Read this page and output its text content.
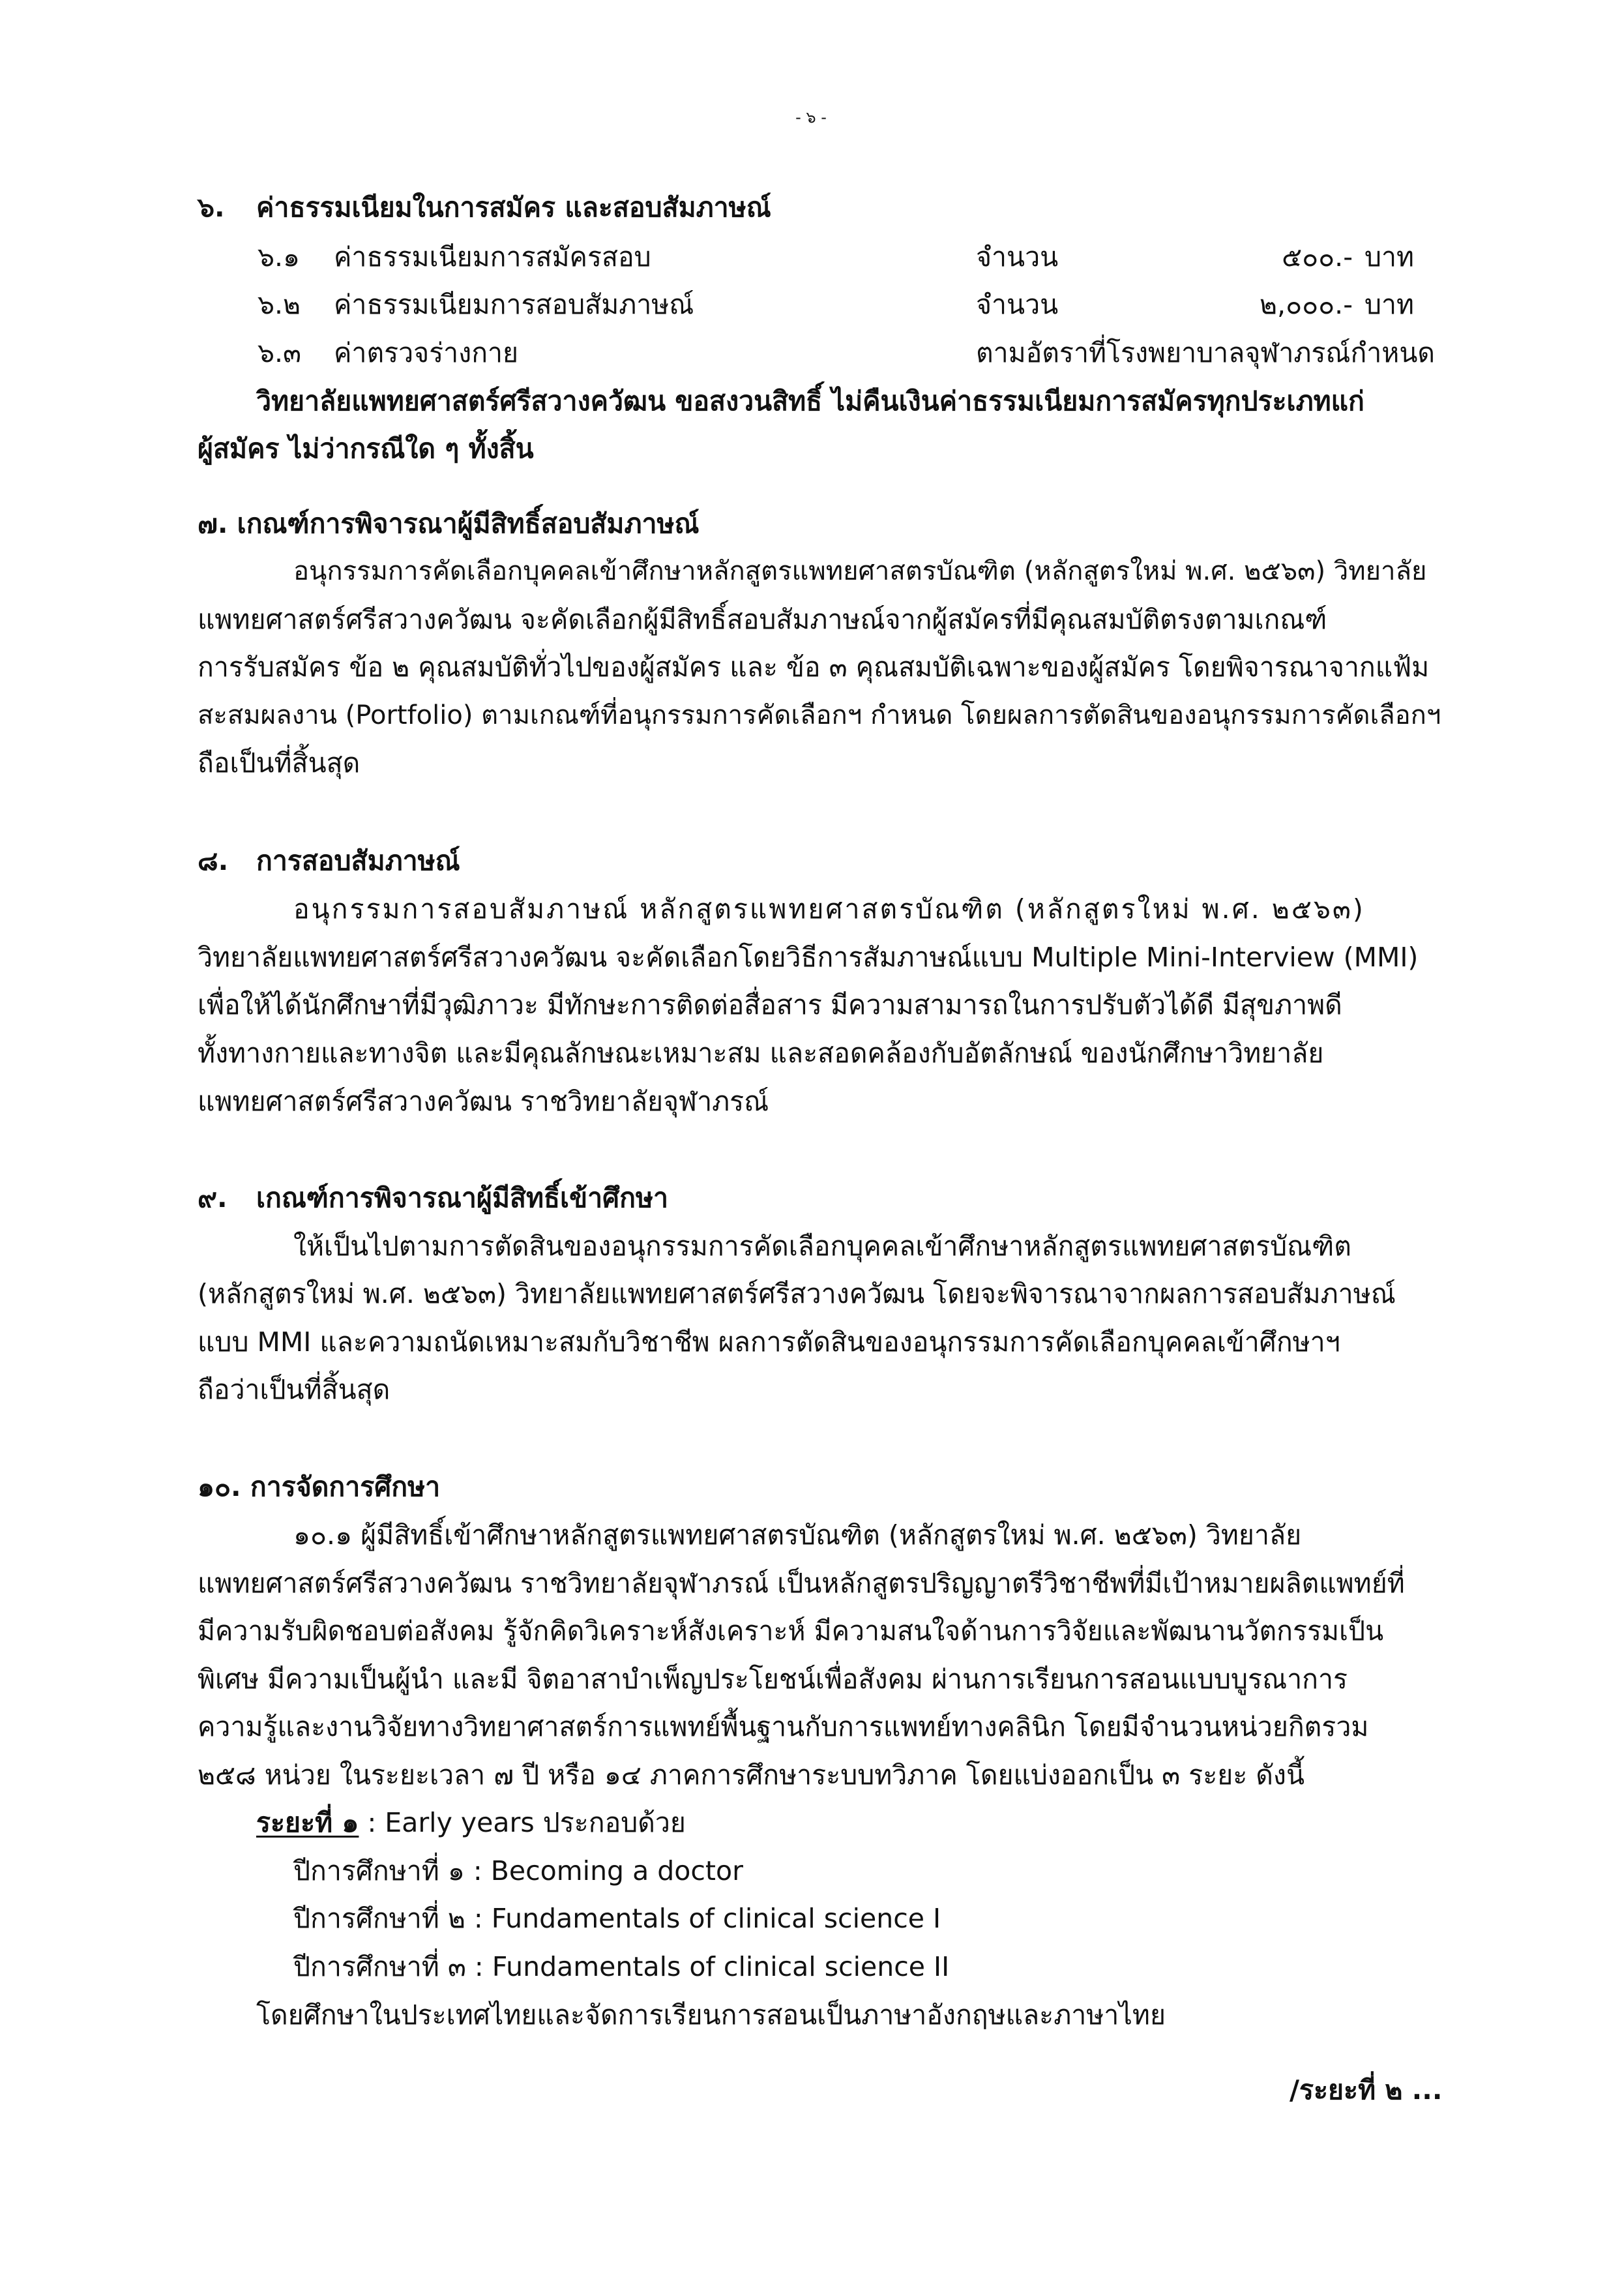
- ๖ -
๖. ค่าธรรมเนียมในการสมัคร และสอบสัมภาษณ์
๖.๑ ค่าธรรมเนียมการสมัครสอบ	จำนวน	๕๐๐.- บาท
๖.๒ ค่าธรรมเนียมการสอบสัมภาษณ์	จำนวน	๒,๐๐๐.- บาท
๖.๓ ค่าตรวจร่างกาย	ตามอัตราที่โรงพยาบาลจุฬาภรณ์กำหนด
วิทยาลัยแพทยศาสตร์ศรีสวางควัฒน ขอสงวนสิทธิ์ ไม่คืนเงินค่าธรรมเนียมการสมัครทุกประเภทแก่
ผู้สมัคร ไม่ว่ากรณีใด ๆ ทั้งสิ้น
๗. เกณฑ์การพิจารณาผู้มีสิทธิ์สอบสัมภาษณ์
อนุกรรมการคัดเลือกบุคคลเข้าศึกษาหลักสูตรแพทยศาสตรบัณฑิต (หลักสูตรใหม่ พ.ศ. ๒๕๖๓) วิทยาลัย
แพทยศาสตร์ศรีสวางควัฒน จะคัดเลือกผู้มีสิทธิ์สอบสัมภาษณ์จากผู้สมัครที่มีคุณสมบัติตรงตามเกณฑ์
การรับสมัคร ข้อ ๒ คุณสมบัติทั่วไปของผู้สมัคร และ ข้อ ๓ คุณสมบัติเฉพาะของผู้สมัคร โดยพิจารณาจากแฟ้ม
สะสมผลงาน (Portfolio) ตามเกณฑ์ที่อนุกรรมการคัดเลือกฯ กำหนด โดยผลการตัดสินของอนุกรรมการคัดเลือกฯ
ถือเป็นที่สิ้นสุด
๘. การสอบสัมภาษณ์
อนุกรรมการสอบสัมภาษณ์ หลักสูตรแพทยศาสตรบัณฑิต (หลักสูตรใหม่ พ.ศ. ๒๕๖๓)
วิทยาลัยแพทยศาสตร์ศรีสวางควัฒน จะคัดเลือกโดยวิธีการสัมภาษณ์แบบ Multiple Mini-Interview (MMI)
เพื่อให้ได้นักศึกษาที่มีวุฒิภาวะ มีทักษะการติดต่อสื่อสาร มีความสามารถในการปรับตัวได้ดี มีสุขภาพดี
ทั้งทางกายและทางจิต และมีคุณลักษณะเหมาะสม และสอดคล้องกับอัตลักษณ์ ของนักศึกษาวิทยาลัย
แพทยศาสตร์ศรีสวางควัฒน ราชวิทยาลัยจุฬาภรณ์
๙. เกณฑ์การพิจารณาผู้มีสิทธิ์เข้าศึกษา
ให้เป็นไปตามการตัดสินของอนุกรรมการคัดเลือกบุคคลเข้าศึกษาหลักสูตรแพทยศาสตรบัณฑิต
(หลักสูตรใหม่ พ.ศ. ๒๕๖๓) วิทยาลัยแพทยศาสตร์ศรีสวางควัฒน โดยจะพิจารณาจากผลการสอบสัมภาษณ์
แบบ MMI และความถนัดเหมาะสมกับวิชาชีพ ผลการตัดสินของอนุกรรมการคัดเลือกบุคคลเข้าศึกษาฯ
ถือว่าเป็นที่สิ้นสุด
๑๐. การจัดการศึกษา
๑๐.๑ ผู้มีสิทธิ์เข้าศึกษาหลักสูตรแพทยศาสตรบัณฑิต (หลักสูตรใหม่ พ.ศ. ๒๕๖๓) วิทยาลัย
แพทยศาสตร์ศรีสวางควัฒน ราชวิทยาลัยจุฬาภรณ์ เป็นหลักสูตรปริญญาตรีวิชาชีพที่มีเป้าหมายผลิตแพทย์ที่
มีความรับผิดชอบต่อสังคม รู้จักคิดวิเคราะห์สังเคราะห์ มีความสนใจด้านการวิจัยและพัฒนานวัตกรรมเป็น
พิเศษ มีความเป็นผู้นำ และมี จิตอาสาบำเพ็ญประโยชน์เพื่อสังคม ผ่านการเรียนการสอนแบบบูรณาการ
ความรู้และงานวิจัยทางวิทยาศาสตร์การแพทย์พื้นฐานกับการแพทย์ทางคลินิก โดยมีจำนวนหน่วยกิตรวม
๒๕๘ หน่วย ในระยะเวลา ๗ ปี หรือ ๑๔ ภาคการศึกษาระบบทวิภาค โดยแบ่งออกเป็น ๓ ระยะ ดังนี้
ระยะที่ ๑ : Early years ประกอบด้วย
ปีการศึกษาที่ ๑ : Becoming a doctor
ปีการศึกษาที่ ๒ : Fundamentals of clinical science I
ปีการศึกษาที่ ๓ : Fundamentals of clinical science II
โดยศึกษาในประเทศไทยและจัดการเรียนการสอนเป็นภาษาอังกฤษและภาษาไทย
/ระยะที่ ๒ ...
